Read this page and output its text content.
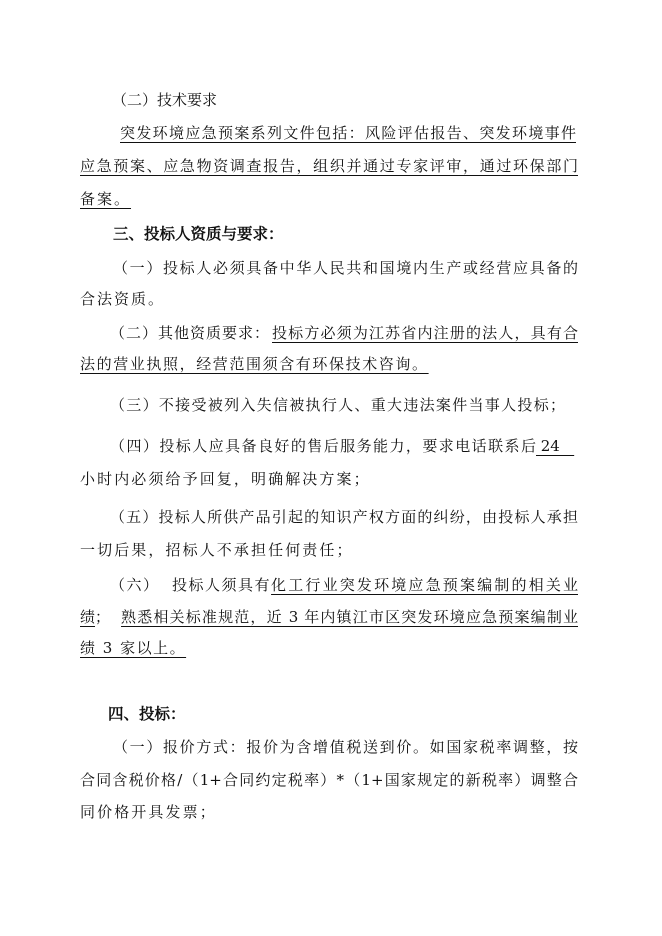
（二）技术要求
突发环境应急预案系列文件包括：风险评估报告、突发环境事件
应急预案、应急物资调查报告，组织并通过专家评审，通过环保部门
备案。
三、投标人资质与要求：
（一）投标人必须具备中华人民共和国境内生产或经营应具备的
合法资质。
（二）其他资质要求： 投标方必须为江苏省内注册的法人，具有合
法的营业执照，经营范围须含有环保技术咨询。
（三）不接受被列入失信被执行人、重大违法案件当事人投标；
（四）投标人应具备良好的售后服务能力，要求电话联系后 24
小时内必须给予回复，明确解决方案；
（五）投标人所供产品引起的知识产权方面的纠纷，由投标人承担
一切后果，招标人不承担任何责任；
（六）  投标人须具有 化工行业突发环境应急预案编制的相关业
绩 ； 熟悉相关标准规范，近 3 年内镇江市区突发环境应急预案编制业
绩 3 家以上。
四、投标：
（一）报价方式：报价为含增值税送到价。如国家税率调整，按
合同含税价格/（1+合同约定税率）*（1+国家规定的新税率）调整合
同价格开具发票；
